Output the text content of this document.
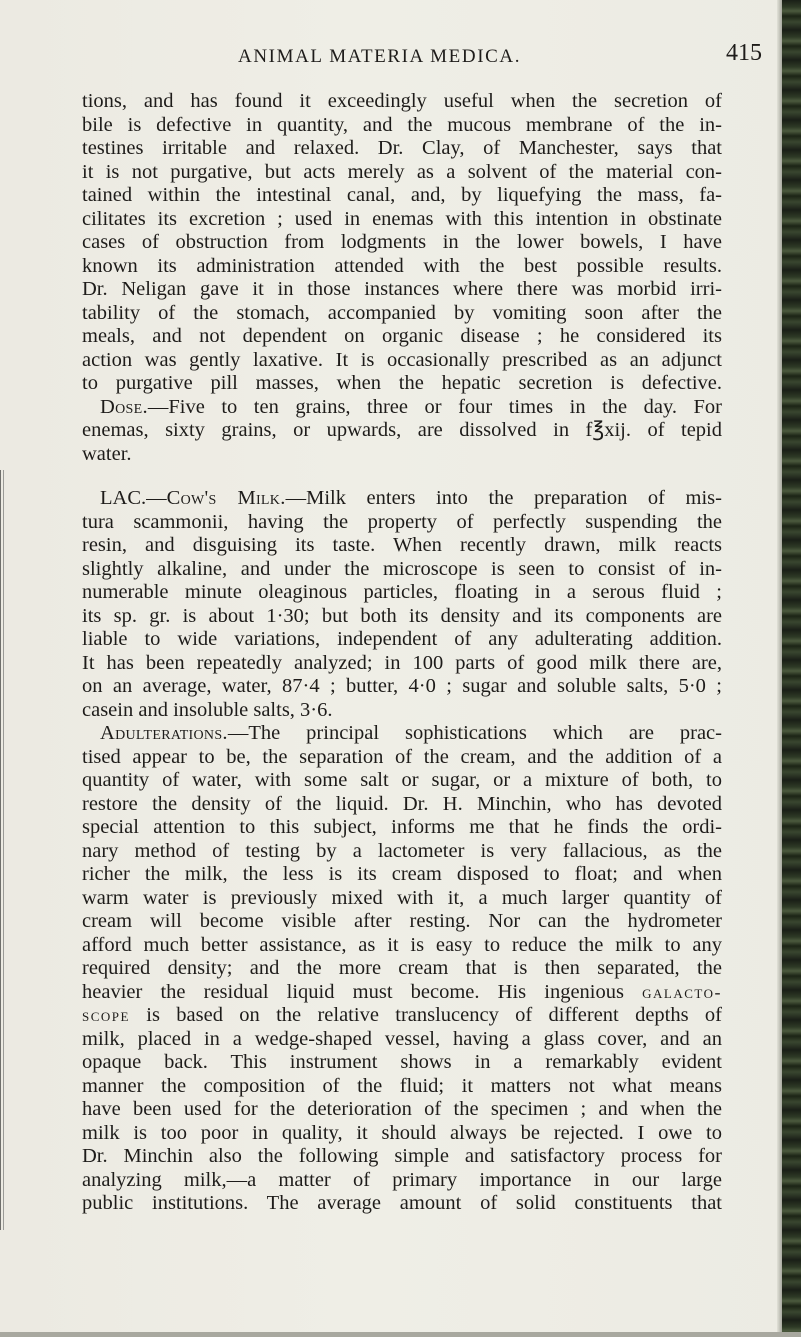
ANIMAL MATERIA MEDICA.	415
tions, and has found it exceedingly useful when the secretion of
bile is defective in quantity, and the mucous membrane of the in-
testines irritable and relaxed. Dr. Clay, of Manchester, says that
it is not purgative, but acts merely as a solvent of the material con-
tained within the intestinal canal, and, by liquefying the mass, fa-
cilitates its excretion ; used in enemas with this intention in obstinate
cases of obstruction from lodgments in the lower bowels, I have
known its administration attended with the best possible results.
Dr. Neligan gave it in those instances where there was morbid irri-
tability of the stomach, accompanied by vomiting soon after the
meals, and not dependent on organic disease ; he considered its
action was gently laxative. It is occasionally prescribed as an adjunct
to purgative pill masses, when the hepatic secretion is defective.
Dose.—Five to ten grains, three or four times in the day. For
enemas, sixty grains, or upwards, are dissolved in f℥xij. of tepid
water.
LAC.—Cow's Milk.—Milk enters into the preparation of mis-
tura scammonii, having the property of perfectly suspending the
resin, and disguising its taste. When recently drawn, milk reacts
slightly alkaline, and under the microscope is seen to consist of in-
numerable minute oleaginous particles, floating in a serous fluid ;
its sp. gr. is about 1·30; but both its density and its components are
liable to wide variations, independent of any adulterating addition.
It has been repeatedly analyzed; in 100 parts of good milk there are,
on an average, water, 87·4 ; butter, 4·0 ; sugar and soluble salts, 5·0 ;
casein and insoluble salts, 3·6.
Adulterations.—The principal sophistications which are prac-
tised appear to be, the separation of the cream, and the addition of a
quantity of water, with some salt or sugar, or a mixture of both, to
restore the density of the liquid. Dr. H. Minchin, who has devoted
special attention to this subject, informs me that he finds the ordi-
nary method of testing by a lactometer is very fallacious, as the
richer the milk, the less is its cream disposed to float; and when
warm water is previously mixed with it, a much larger quantity of
cream will become visible after resting. Nor can the hydrometer
afford much better assistance, as it is easy to reduce the milk to any
required density; and the more cream that is then separated, the
heavier the residual liquid must become. His ingenious galacto-
scope is based on the relative translucency of different depths of
milk, placed in a wedge-shaped vessel, having a glass cover, and an
opaque back. This instrument shows in a remarkably evident
manner the composition of the fluid; it matters not what means
have been used for the deterioration of the specimen ; and when the
milk is too poor in quality, it should always be rejected. I owe to
Dr. Minchin also the following simple and satisfactory process for
analyzing milk,—a matter of primary importance in our large
public institutions. The average amount of solid constituents that
